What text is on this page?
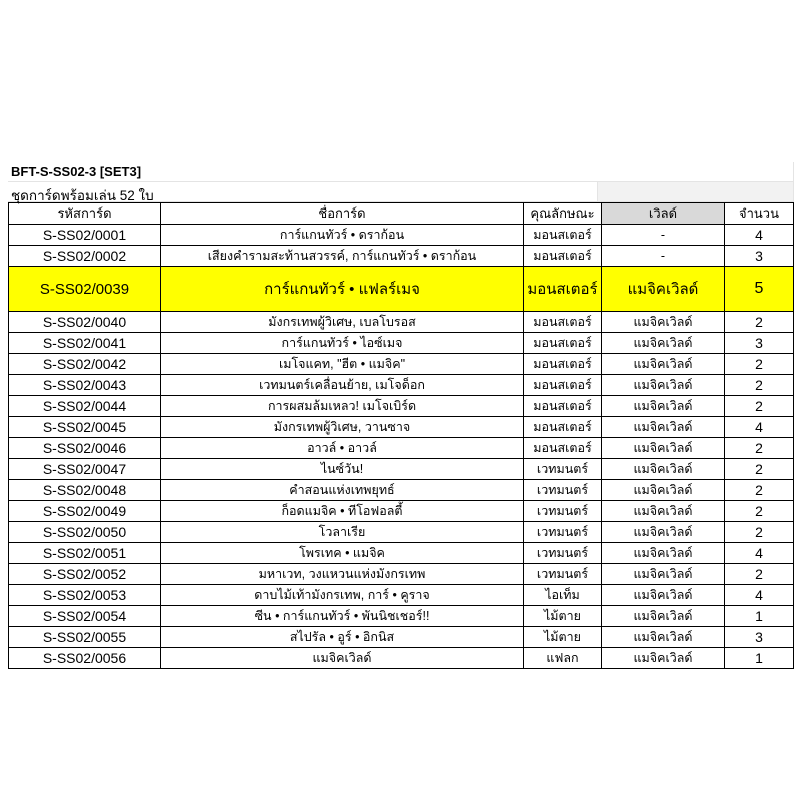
BFT-S-SS02-3 [SET3]
ชุดการ์ดพร้อมเล่น 52 ใบ
รหัสการ์ด	ชื่อการ์ด	คุณลักษณะ	เวิลด์	จำนวน
S-SS02/0001	การ์แกนทัวร์ • ดราก้อน	มอนสเตอร์	-	4
S-SS02/0002	เสียงคำรามสะท้านสวรรค์, การ์แกนทัวร์ • ดราก้อน	มอนสเตอร์	-	3
S-SS02/0039	การ์แกนทัวร์ • แฟลร์เมจ	มอนสเตอร์	แมจิคเวิลด์	5
S-SS02/0040	มังกรเทพผู้วิเศษ, เบลโบรอส	มอนสเตอร์	แมจิคเวิลด์	2
S-SS02/0041	การ์แกนทัวร์ • ไอซ์เมจ	มอนสเตอร์	แมจิคเวิลด์	3
S-SS02/0042	เมโจแคท, "ฮีต • แมจิค"	มอนสเตอร์	แมจิคเวิลด์	2
S-SS02/0043	เวทมนตร์เคลื่อนย้าย, เมโจด็อก	มอนสเตอร์	แมจิคเวิลด์	2
S-SS02/0044	การผสมล้มเหลว! เมโจเบิร์ด	มอนสเตอร์	แมจิคเวิลด์	2
S-SS02/0045	มังกรเทพผู้วิเศษ, วานซาจ	มอนสเตอร์	แมจิคเวิลด์	4
S-SS02/0046	อาวล์ • อาวล์	มอนสเตอร์	แมจิคเวิลด์	2
S-SS02/0047	ไนซ์วัน!	เวทมนตร์	แมจิคเวิลด์	2
S-SS02/0048	คำสอนแห่งเทพยุทธ์	เวทมนตร์	แมจิคเวิลด์	2
S-SS02/0049	ก็อดแมจิค • ทีโอฟอลตี้	เวทมนตร์	แมจิคเวิลด์	2
S-SS02/0050	โวลาเรีย	เวทมนตร์	แมจิคเวิลด์	2
S-SS02/0051	โพรเทค • แมจิค	เวทมนตร์	แมจิคเวิลด์	4
S-SS02/0052	มหาเวท, วงแหวนแห่งมังกรเทพ	เวทมนตร์	แมจิคเวิลด์	2
S-SS02/0053	ดาบไม้เท้ามังกรเทพ, การ์ • คูราจ	ไอเท็ม	แมจิคเวิลด์	4
S-SS02/0054	ซีน • การ์แกนทัวร์ • พันนิชเชอร์!!	ไม้ตาย	แมจิคเวิลด์	1
S-SS02/0055	สไปรัล • อูร์ • อิกนิส	ไม้ตาย	แมจิคเวิลด์	3
S-SS02/0056	แมจิคเวิลด์	แฟลก	แมจิคเวิลด์	1
